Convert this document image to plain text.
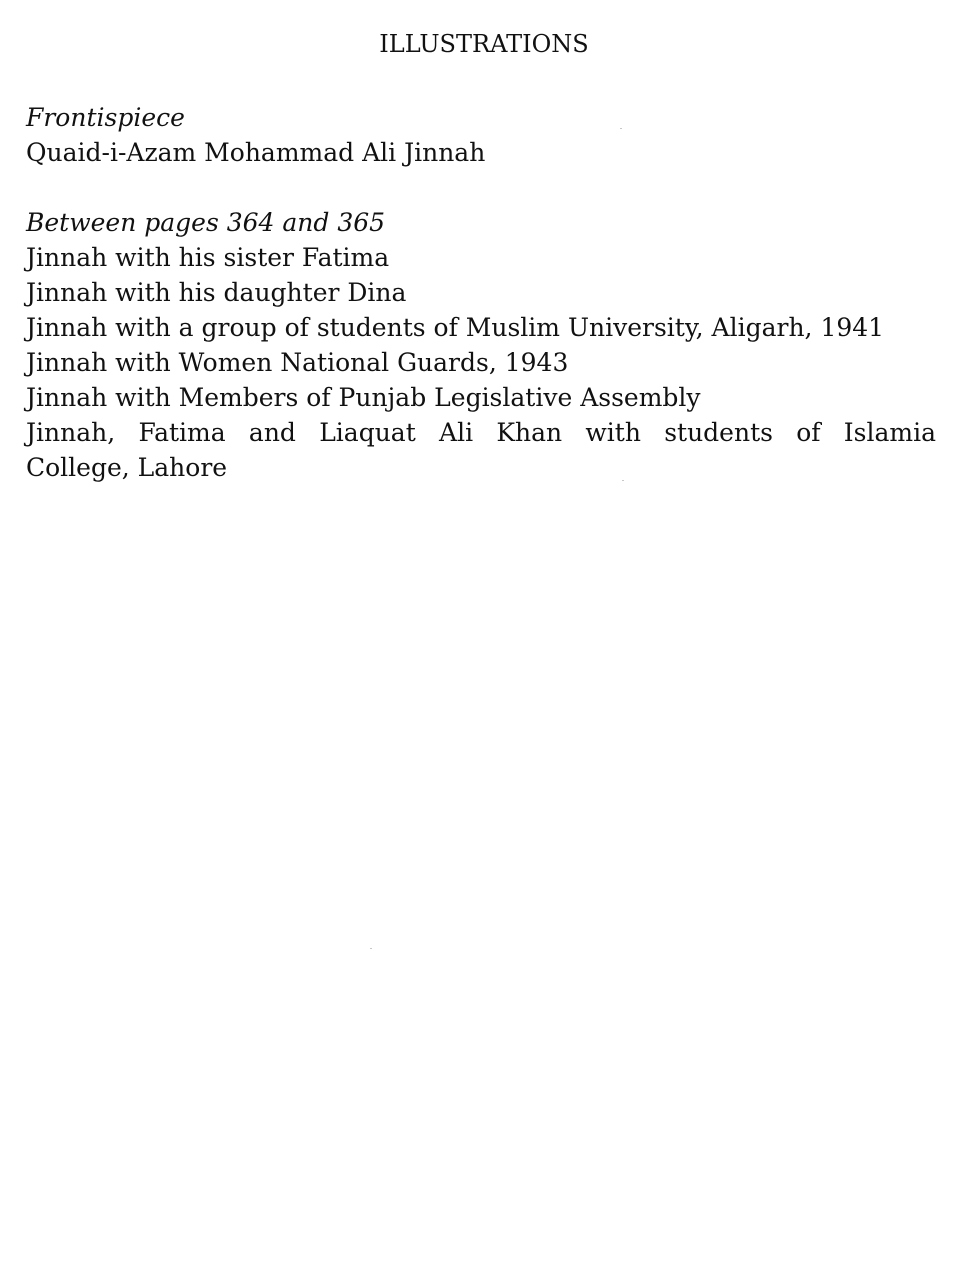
ILLUSTRATIONS
Frontispiece
Quaid-i-Azam Mohammad Ali Jinnah
Between pages 364 and 365
Jinnah with his sister Fatima
Jinnah with his daughter Dina
Jinnah with a group of students of Muslim University, Aligarh, 1941
Jinnah with Women National Guards, 1943
Jinnah with Members of Punjab Legislative Assembly
Jinnah, Fatima and Liaquat Ali Khan with students of Islamia
College, Lahore
